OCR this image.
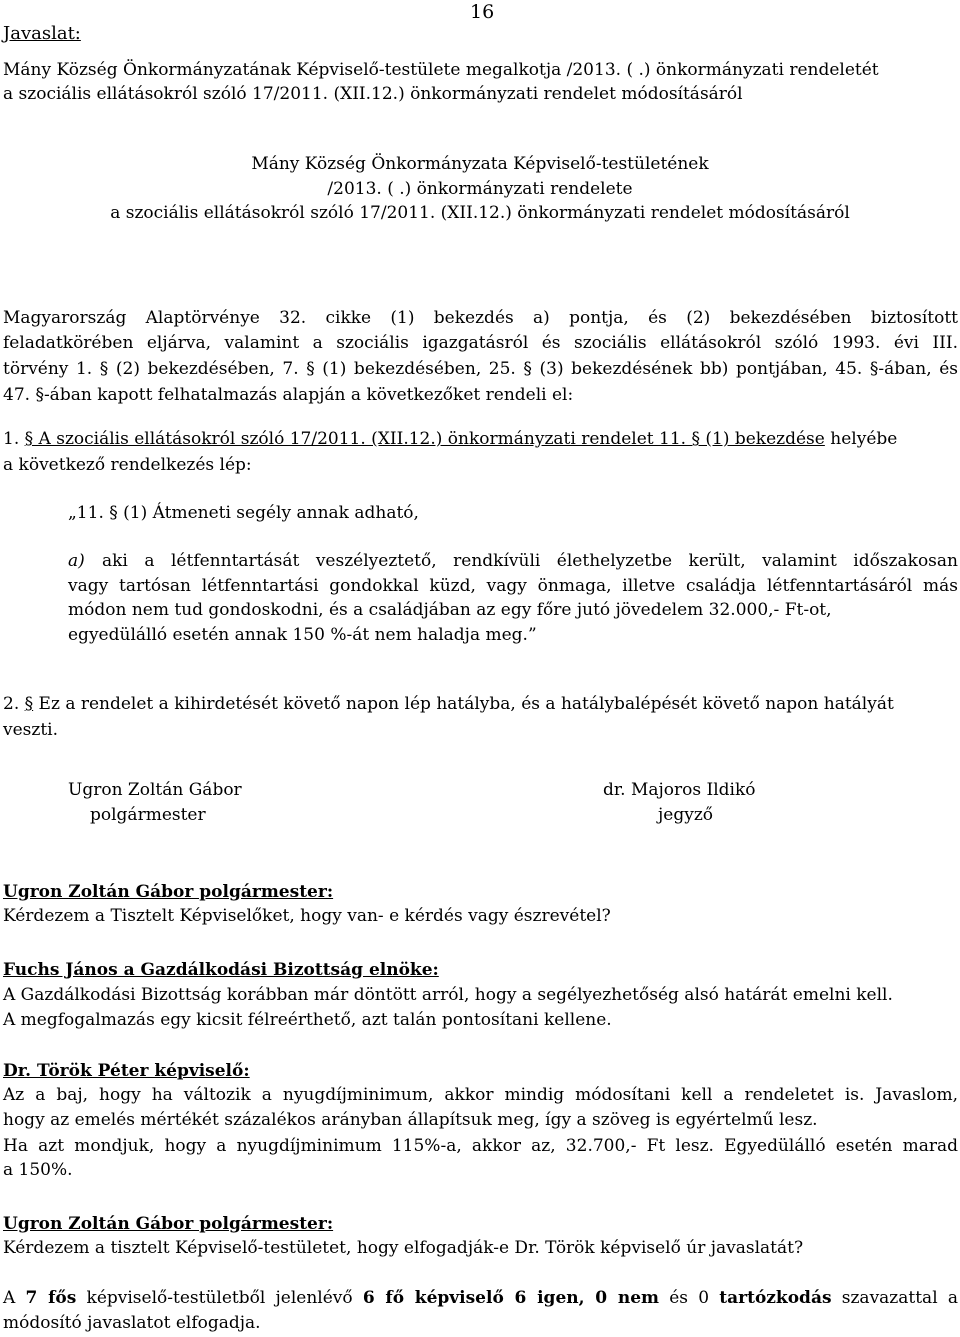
16
Javaslat:
Mány Község Önkormányzatának Képviselő-testülete megalkotja /2013. ( .) önkormányzati rendeletét
a szociális ellátásokról szóló 17/2011. (XII.12.) önkormányzati rendelet módosításáról
Mány Község Önkormányzata Képviselő-testületének
/2013. ( .) önkormányzati rendelete
a szociális ellátásokról szóló 17/2011. (XII.12.) önkormányzati rendelet módosításáról
Magyarország Alaptörvénye 32. cikke (1) bekezdés a) pontja, és (2) bekezdésében biztosított
feladatkörében eljárva, valamint a szociális igazgatásról és szociális ellátásokról szóló 1993. évi III.
törvény 1. § (2) bekezdésében, 7. § (1) bekezdésében, 25. § (3) bekezdésének bb) pontjában, 45. §-ában, és
47. §-ában kapott felhatalmazás alapján a következőket rendeli el:
1. § A szociális ellátásokról szóló 17/2011. (XII.12.) önkormányzati rendelet 11. § (1) bekezdése helyébe
a következő rendelkezés lép:
„11. § (1) Átmeneti segély annak adható,
a) aki a létfenntartását veszélyeztető, rendkívüli élethelyzetbe került, valamint időszakosan
vagy tartósan létfenntartási gondokkal küzd, vagy önmaga, illetve családja létfenntartásáról más
módon nem tud gondoskodni, és a családjában az egy főre jutó jövedelem 32.000,- Ft-ot,
egyedülálló esetén annak 150 %-át nem haladja meg.”
2. § Ez a rendelet a kihirdetését követő napon lép hatályba, és a hatálybalépését követő napon hatályát
veszti.
Ugron Zoltán Gábor
polgármester
dr. Majoros Ildikó
jegyző
Ugron Zoltán Gábor polgármester:
Kérdezem a Tisztelt Képviselőket, hogy van- e kérdés vagy észrevétel?
Fuchs János a Gazdálkodási Bizottság elnöke:
A Gazdálkodási Bizottság korábban már döntött arról, hogy a segélyezhetőség alsó határát emelni kell.
A megfogalmazás egy kicsit félreérthető, azt talán pontosítani kellene.
Dr. Török Péter képviselő:
Az a baj, hogy ha változik a nyugdíjminimum, akkor mindig módosítani kell a rendeletet is. Javaslom,
hogy az emelés mértékét százalékos arányban állapítsuk meg, így a szöveg is egyértelmű lesz.
Ha azt mondjuk, hogy a nyugdíjminimum 115%-a, akkor az, 32.700,- Ft lesz. Egyedülálló esetén marad
a 150%.
Ugron Zoltán Gábor polgármester:
Kérdezem a tisztelt Képviselő-testületet, hogy elfogadják-e Dr. Török képviselő úr javaslatát?
A 7 fős képviselő-testületből jelenlévő 6 fő képviselő 6 igen, 0 nem és 0 tartózkodás szavazattal a
módosító javaslatot elfogadja.
